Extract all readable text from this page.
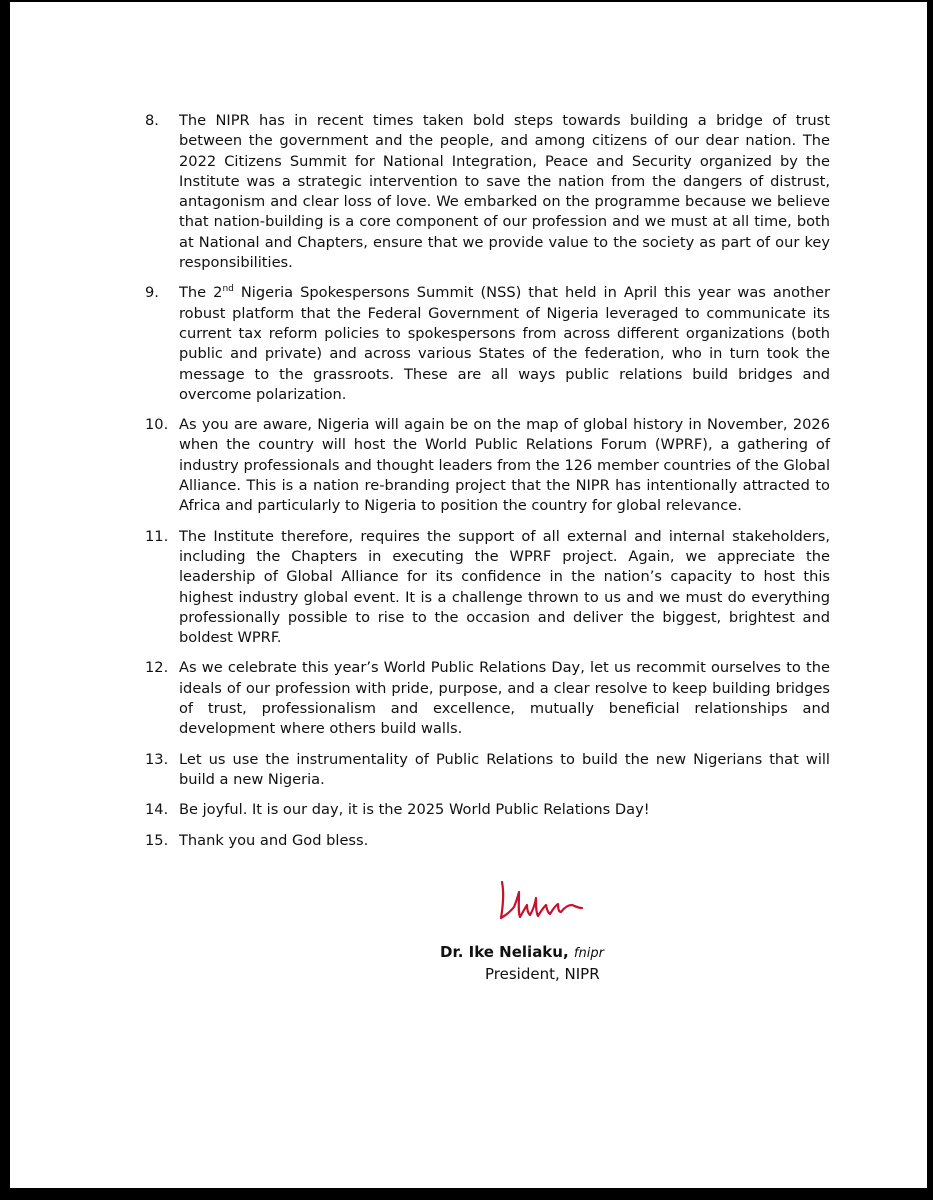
8.	The NIPR has in recent times taken bold steps towards building a bridge of trust between the government and the people, and among citizens of our dear nation. The 2022 Citizens Summit for National Integration, Peace and Security organized by the Institute was a strategic intervention to save the nation from the dangers of distrust, antagonism and clear loss of love. We embarked on the programme because we believe that nation-building is a core component of our profession and we must at all time, both at National and Chapters, ensure that we provide value to the society as part of our key responsibilities.
9.	The 2nd Nigeria Spokespersons Summit (NSS) that held in April this year was another robust platform that the Federal Government of Nigeria leveraged to communicate its current tax reform policies to spokespersons from across different organizations (both public and private) and across various States of the federation, who in turn took the message to the grassroots. These are all ways public relations build bridges and overcome polarization.
10. As you are aware, Nigeria will again be on the map of global history in November, 2026 when the country will host the World Public Relations Forum (WPRF), a gathering of industry professionals and thought leaders from the 126 member countries of the Global Alliance. This is a nation re-branding project that the NIPR has intentionally attracted to Africa and particularly to Nigeria to position the country for global relevance.
11. The Institute therefore, requires the support of all external and internal stakeholders, including the Chapters in executing the WPRF project. Again, we appreciate the leadership of Global Alliance for its confidence in the nation’s capacity to host this highest industry global event. It is a challenge thrown to us and we must do everything professionally possible to rise to the occasion and deliver the biggest, brightest and boldest WPRF.
12. As we celebrate this year’s World Public Relations Day, let us recommit ourselves to the ideals of our profession with pride, purpose, and a clear resolve to keep building bridges of trust, professionalism and excellence, mutually beneficial relationships and development where others build walls.
13. Let us use the instrumentality of Public Relations to build the new Nigerians that will build a new Nigeria.
14. Be joyful. It is our day, it is the 2025 World Public Relations Day!
15. Thank you and God bless.
Dr. Ike Neliaku, fnipr
President, NIPR
